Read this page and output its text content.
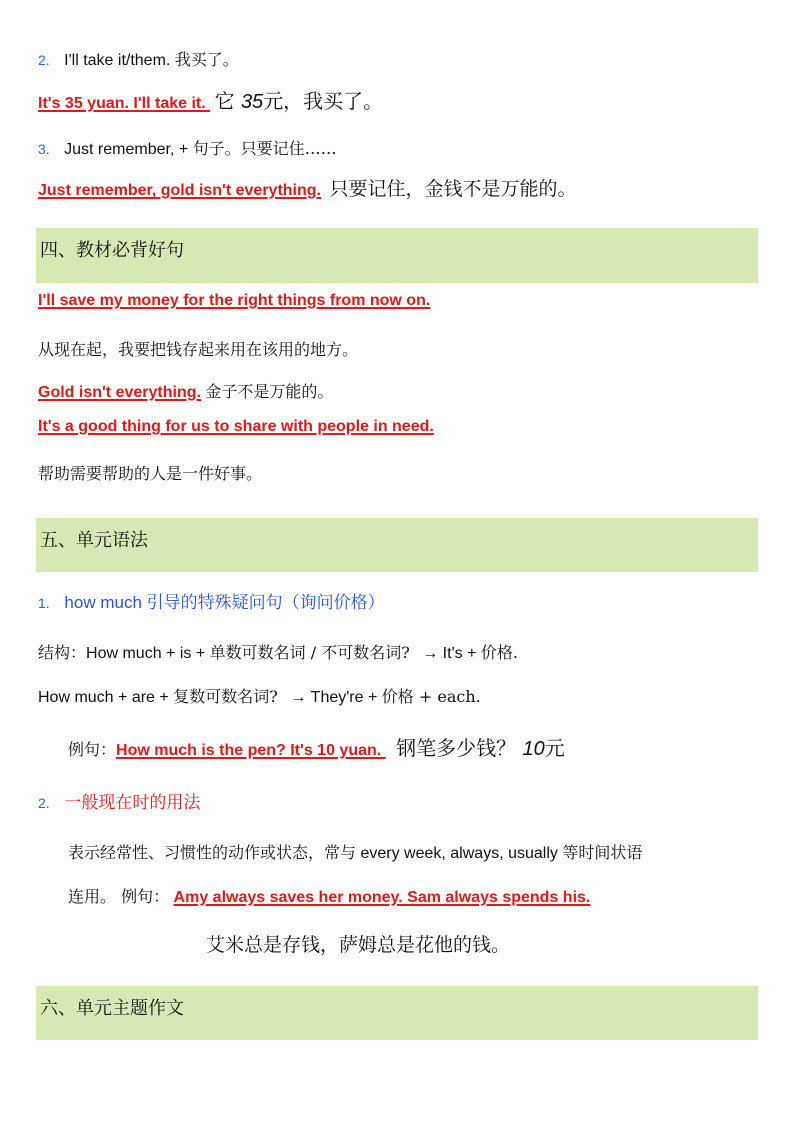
2. I'll take it/them. 我买了。
It's 35 yuan. I'll take it.  它 35元，我买了。
3. Just remember, + 句子。只要记住……
Just remember, gold isn't everything. 只要记住，金钱不是万能的。
四、教材必背好句
I'll save my money for the right things from now on.
从现在起，我要把钱存起来用在该用的地方。
Gold isn't everything. 金子不是万能的。
It's a good thing for us to share with people in need.
帮助需要帮助的人是一件好事。
五、单元语法
1. how much 引导的特殊疑问句（询问价格）
结构：How much + is + 单数可数名词 / 不可数名词? → It's + 价格.
How much + are + 复数可数名词? → They're + 价格 + each.
例句：How much is the pen? It's 10 yuan.  钢笔多少钱？ 10元
2. 一般现在时的用法
表示经常性、习惯性的动作或状态，常与 every week, always, usually 等时间状语
连用。 例句： Amy always saves her money. Sam always spends his.
艾米总是存钱，萨姆总是花他的钱。
六、单元主题作文
